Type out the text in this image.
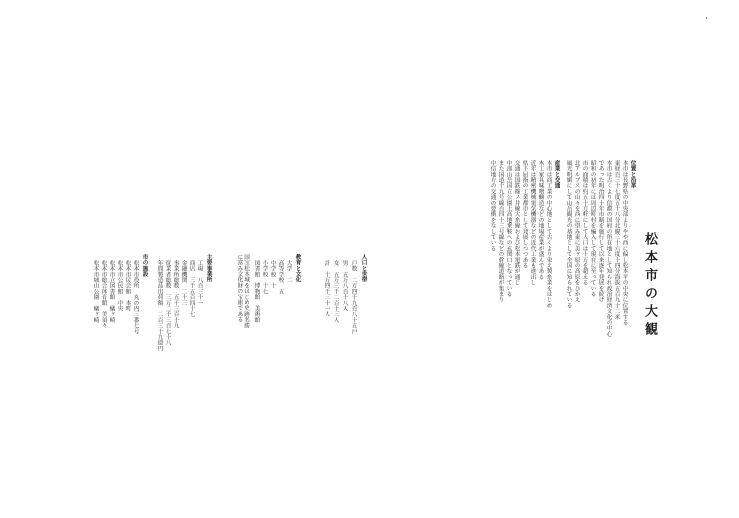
松本市の大観
位置と沿革
本市は長野県の中央部よりやや西に偏し松本平の中央に位置する
東経百三十七度五十八分北緯三十六度十四分海抜五百九十二米
本市は古くより信濃の国府の所在地として知られ政治経済文化の中心
であった明治四十年市制を施行して以来逐年発展を続け
昭和の初年には周辺町村を編入して現在に至っている
市の面積は約五十方粁にして人口は十万を超える
北アルプスの山々を西に望み東に美ヶ原の高原をひかえ
風光明媚にして山岳観光の基地として全国に知られている
産業と交通
本市は商工業の中心地として古くより栄え製糸業をはじめ
木工家具味噌醸造などの地場産業が盛んである
近年は精密機械電気機器などの近代工業も進出し
県下屈指の工業都市として発展しつつある
交通は国鉄篠ノ井線大糸線および松本電鉄が通じ
中部山岳国立公園上高地乗鞍への玄関口となっている
また国道十九号線百四十三号線などの幹線道路が集まり
中信地方の交通の要衝をなしている
人口と世帯
戸数　二万四千九百八十五戸
男　五万八百十八人
女　五万三千二百十三人
計　十万四千三十一人
教育と文化
大学　二
高等学校　五
中学校　十
小学校　十七
図書館　博物館　美術館
国宝松本城をはじめ史跡名勝に富み文化財の宝庫である
主要事業所
工場　八百三十一
商店　三千五百四十七
金融機関　二十三
事業所総数　五千三百十九
従業者総数　三万二千三百七十八
年間製造品出荷額　二百三十九億円
市の施設
松本市役所　丸の内三番七号
松本市民会館　本町
松本市公民館　中央
松本市立図書館　蟻ヶ崎
松本市総合体育館　美須々
松本市城山公園　蟻ヶ崎
